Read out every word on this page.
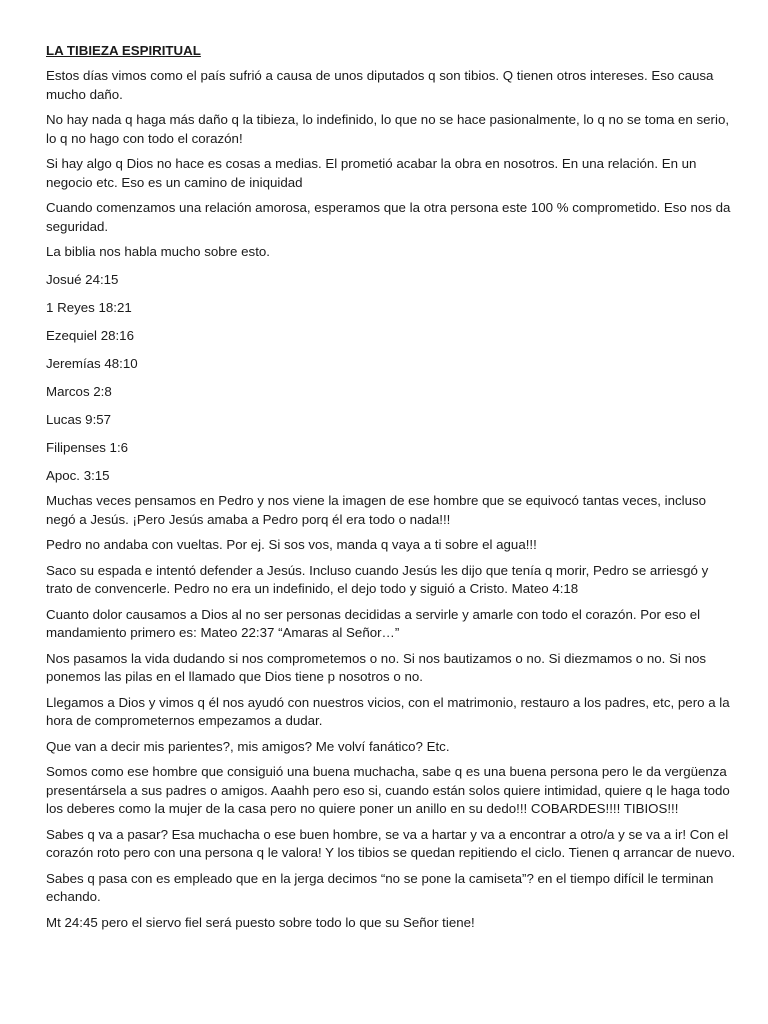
LA TIBIEZA ESPIRITUAL
Estos días vimos como el país sufrió a causa de unos diputados q son tibios. Q tienen otros intereses. Eso causa mucho daño.
No hay nada q haga más daño q la tibieza, lo indefinido, lo que no se hace pasionalmente, lo q no se toma en serio, lo q no hago con todo el corazón!
Si hay algo q Dios no hace es cosas a medias. El prometió acabar la obra en nosotros. En una relación. En un negocio etc. Eso es un camino de iniquidad
Cuando comenzamos una relación amorosa, esperamos que la otra persona este 100 % comprometido. Eso nos da seguridad.
La biblia nos habla mucho sobre esto.
Josué 24:15
1 Reyes 18:21
Ezequiel 28:16
Jeremías 48:10
Marcos 2:8
Lucas 9:57
Filipenses 1:6
Apoc. 3:15
Muchas veces pensamos en Pedro y nos viene la imagen de ese hombre que se equivocó tantas veces, incluso negó a Jesús. ¡Pero Jesús amaba a Pedro porq él era todo o nada!!!
Pedro no andaba con vueltas. Por ej. Si sos vos, manda q vaya a ti sobre el agua!!!
Saco su espada e intentó defender a Jesús. Incluso cuando Jesús les dijo que tenía q morir, Pedro se arriesgó y trato de convencerle. Pedro no era un indefinido, el dejo todo y siguió a Cristo. Mateo 4:18
Cuanto dolor causamos a Dios al no ser personas decididas a servirle y amarle con todo el corazón. Por eso el mandamiento primero es: Mateo 22:37 “Amaras al Señor…”
Nos pasamos la vida dudando si nos comprometemos o no. Si nos bautizamos o no. Si diezmamos o no. Si nos ponemos las pilas en el llamado que Dios tiene p nosotros o no.
Llegamos a Dios y vimos q él nos ayudó con nuestros vicios, con el matrimonio, restauro a los padres, etc, pero a la hora de comprometernos empezamos a dudar.
Que van a decir mis parientes?, mis amigos? Me volví fanático? Etc.
Somos como ese hombre que consiguió una buena muchacha, sabe q es una buena persona pero le da vergüenza presentársela a sus padres o amigos. Aaahh pero eso si, cuando están solos quiere intimidad, quiere q le haga todo los deberes como la mujer de la casa pero no quiere poner un anillo en su dedo!!! COBARDES!!!! TIBIOS!!!
Sabes q va a pasar? Esa muchacha o ese buen hombre, se va a hartar y va a encontrar a otro/a y se va a ir! Con el corazón roto pero con una persona q le valora! Y los tibios se quedan repitiendo el ciclo. Tienen q arrancar de nuevo.
Sabes q pasa con es empleado que en la jerga decimos “no se pone la camiseta”? en el tiempo difícil le terminan echando.
Mt 24:45 pero el siervo fiel será puesto sobre todo lo que su Señor tiene!
